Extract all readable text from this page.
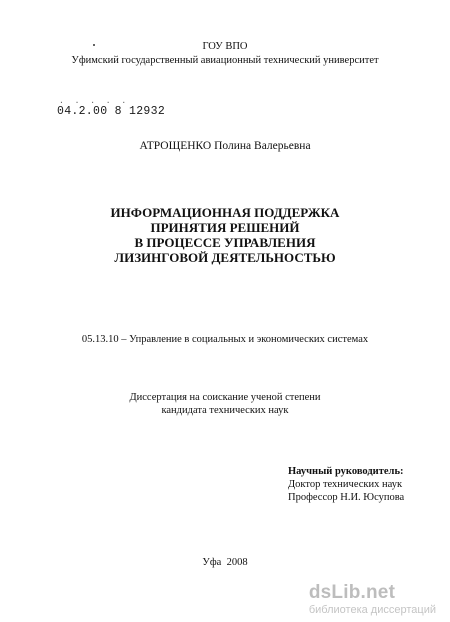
ГОУ ВПО
Уфимский государственный авиационный технический университет
. . . . .
04.2.00 8 12932
АТРОЩЕНКО Полина Валерьевна
ИНФОРМАЦИОННАЯ ПОДДЕРЖКА
ПРИНЯТИЯ РЕШЕНИЙ
В ПРОЦЕССЕ УПРАВЛЕНИЯ
ЛИЗИНГОВОЙ ДЕЯТЕЛЬНОСТЬЮ
05.13.10 – Управление в социальных и экономических системах
Диссертация на соискание ученой степени
кандидата технических наук
Научный руководитель:
Доктор технических наук
Профессор Н.И. Юсупова
Уфа  2008
dsLib.net
библиотека диссертаций
